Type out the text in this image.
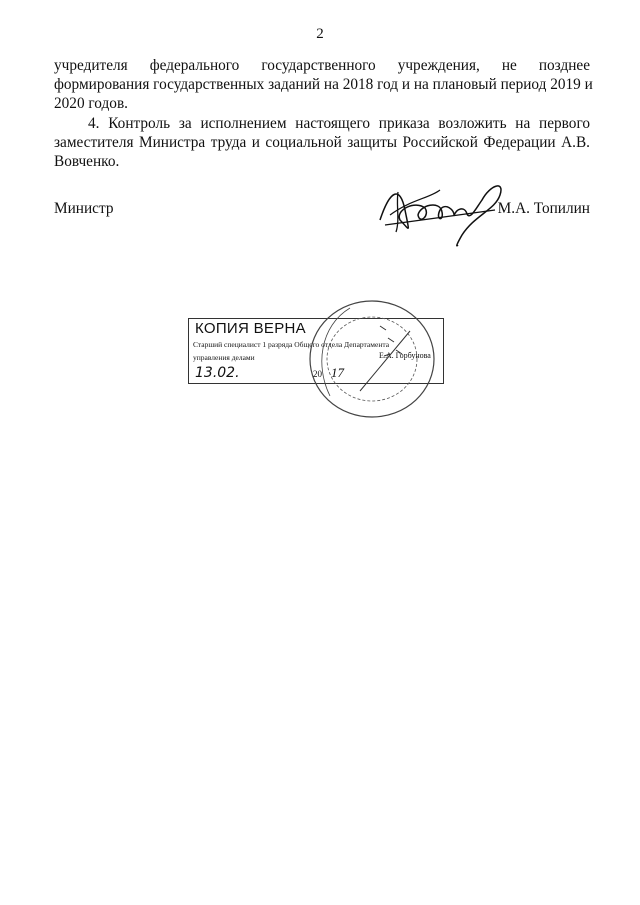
2
учредителя федерального государственного учреждения, не позднее
формирования государственных заданий на 2018 год и на плановый период 2019 и
2020 годов.
4. Контроль за исполнением настоящего приказа возложить на первого
заместителя Министра труда и социальной защиты Российской Федерации А.В.
Вовченко.
Министр	М.А. Топилин
КОПИЯ ВЕРНА
Старший специалист 1 разряда Общего отдела Департамента
управления делами	Е.А. Горбунова
13.02.	20 17
